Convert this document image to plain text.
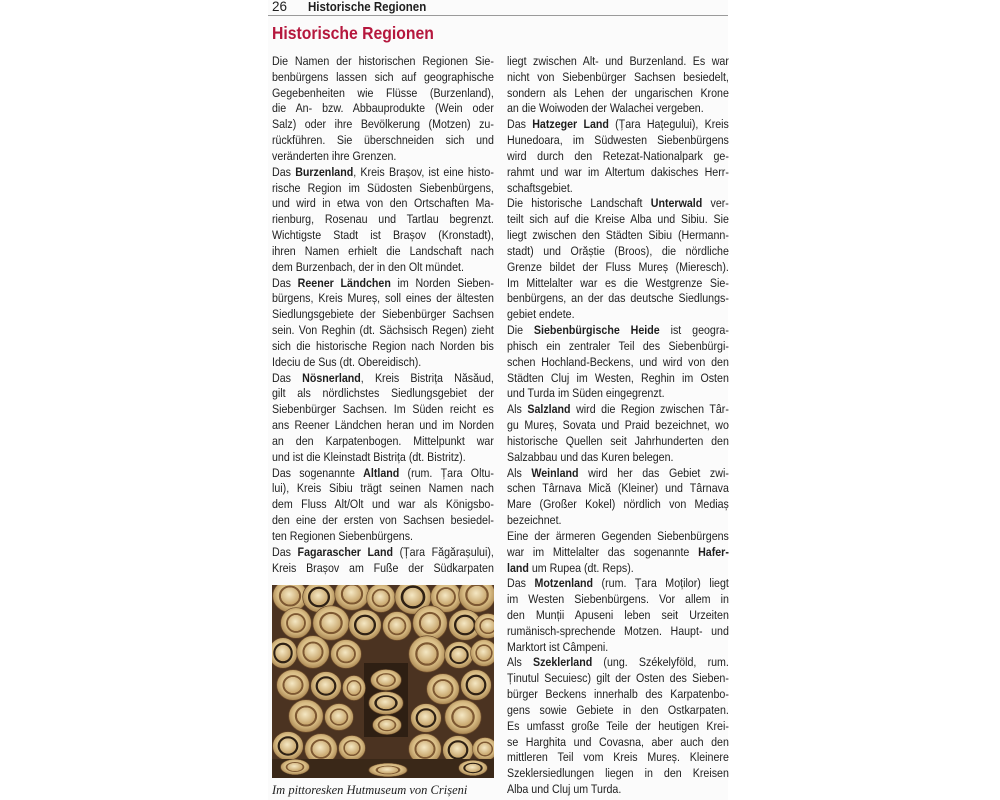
26 Historische Regionen
Historische Regionen
Die Namen der historischen Regionen Sie-
benbürgens lassen sich auf geographische
Gegebenheiten wie Flüsse (Burzenland),
die An- bzw. Abbauprodukte (Wein oder
Salz) oder ihre Bevölkerung (Motzen) zu-
rückführen. Sie überschneiden sich und
veränderten ihre Grenzen.
Das Burzenland, Kreis Brașov, ist eine histo-
rische Region im Südosten Siebenbürgens,
und wird in etwa von den Ortschaften Ma-
rienburg, Rosenau und Tartlau begrenzt.
Wichtigste Stadt ist Brașov (Kronstadt),
ihren Namen erhielt die Landschaft nach
dem Burzenbach, der in den Olt mündet.
Das Reener Ländchen im Norden Sieben-
bürgens, Kreis Mureș, soll eines der ältesten
Siedlungsgebiete der Siebenbürger Sachsen
sein. Von Reghin (dt. Sächsisch Regen) zieht
sich die historische Region nach Norden bis
Ideciu de Sus (dt. Obereidisch).
Das Nösnerland, Kreis Bistrița Năsăud,
gilt als nördlichstes Siedlungsgebiet der
Siebenbürger Sachsen. Im Süden reicht es
ans Reener Ländchen heran und im Norden
an den Karpatenbogen. Mittelpunkt war
und ist die Kleinstadt Bistrița (dt. Bistritz).
Das sogenannte Altland (rum. Țara Oltu-
lui), Kreis Sibiu trägt seinen Namen nach
dem Fluss Alt/Olt und war als Königsbo-
den eine der ersten von Sachsen besiedel-
ten Regionen Siebenbürgens.
Das Fagarascher Land (Țara Făgărașului),
Kreis Brașov am Fuße der Südkarpaten
liegt zwischen Alt- und Burzenland. Es war
nicht von Siebenbürger Sachsen besiedelt,
sondern als Lehen der ungarischen Krone
an die Woiwoden der Walachei vergeben.
Das Hatzeger Land (Țara Hațegului), Kreis
Hunedoara, im Südwesten Siebenbürgens
wird durch den Retezat-Nationalpark ge-
rahmt und war im Altertum dakisches Herr-
schaftsgebiet.
Die historische Landschaft Unterwald ver-
teilt sich auf die Kreise Alba und Sibiu. Sie
liegt zwischen den Städten Sibiu (Hermann-
stadt) und Orăștie (Broos), die nördliche
Grenze bildet der Fluss Mureș (Mieresch).
Im Mittelalter war es die Westgrenze Sie-
benbürgens, an der das deutsche Siedlungs-
gebiet endete.
Die Siebenbürgische Heide ist geogra-
phisch ein zentraler Teil des Siebenbürgi-
schen Hochland-Beckens, und wird von den
Städten Cluj im Westen, Reghin im Osten
und Turda im Süden eingegrenzt.
Als Salzland wird die Region zwischen Târ-
gu Mureș, Sovata und Praid bezeichnet, wo
historische Quellen seit Jahrhunderten den
Salzabbau und das Kuren belegen.
Als Weinland wird her das Gebiet zwi-
schen Târnava Mică (Kleiner) und Târnava
Mare (Großer Kokel) nördlich von Mediaș
bezeichnet.
Eine der ärmeren Gegenden Siebenbürgens
war im Mittelalter das sogenannte Hafer-
land um Rupea (dt. Reps).
Das Motzenland (rum. Țara Moților) liegt
im Westen Siebenbürgens. Vor allem in
den Munții Apuseni leben seit Urzeiten
rumänisch-sprechende Motzen. Haupt- und
Marktort ist Câmpeni.
Als Szeklerland (ung. Székelyföld, rum.
Ținutul Secuiesc) gilt der Osten des Sieben-
bürger Beckens innerhalb des Karpatenbo-
gens sowie Gebiete in den Ostkarpaten.
Es umfasst große Teile der heutigen Krei-
se Harghita und Covasna, aber auch den
mittleren Teil vom Kreis Mureș. Kleinere
Szeklersiedlungen liegen in den Kreisen
Alba und Cluj um Turda.
Im pittoresken Hutmuseum von Crișeni
